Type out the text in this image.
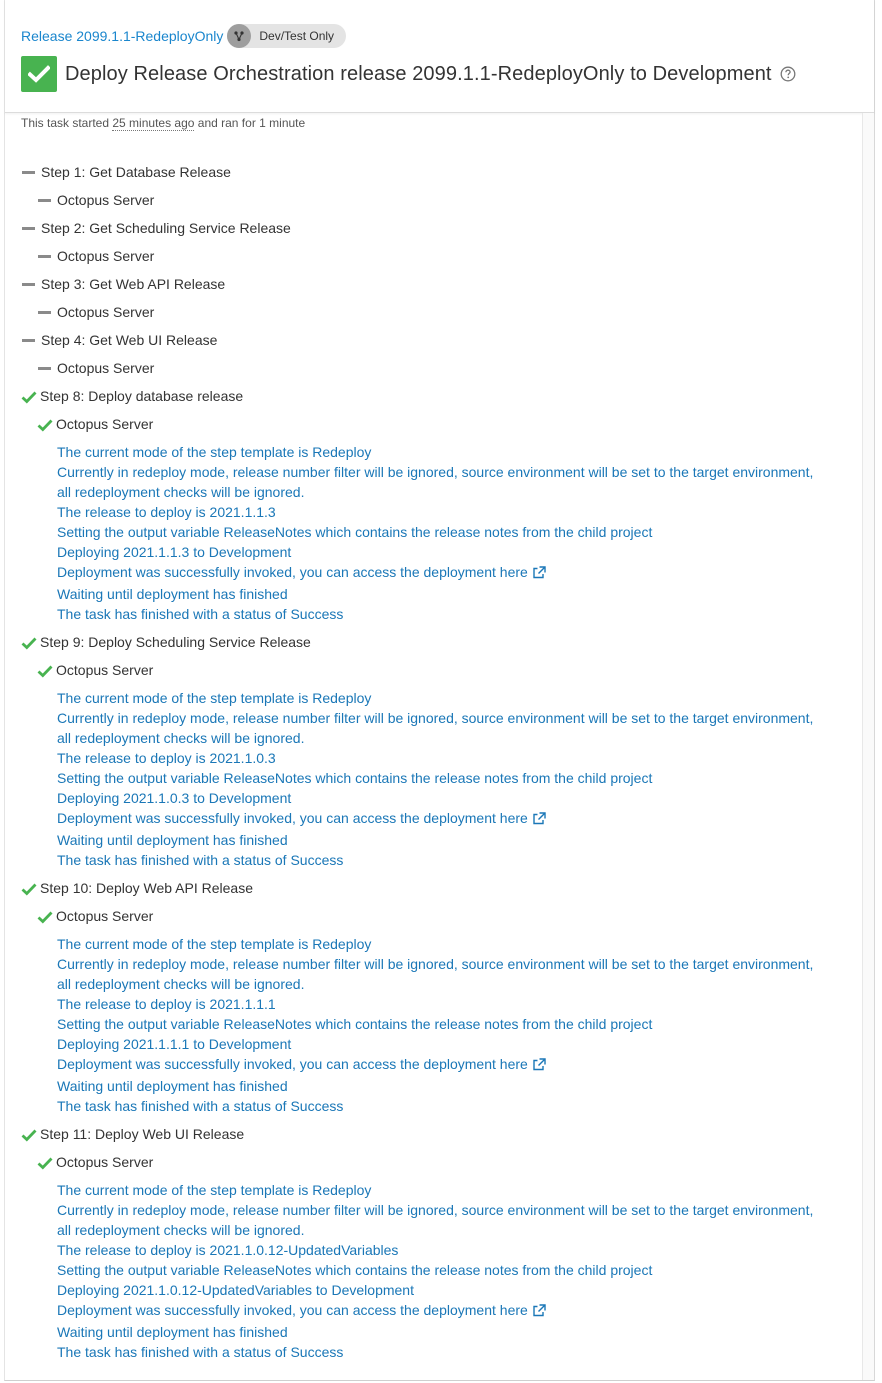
Release 2099.1.1-RedeployOnly	Dev/Test Only
Deploy Release Orchestration release 2099.1.1-RedeployOnly to Development
This task started 25 minutes ago and ran for 1 minute
Step 1: Get Database Release
Octopus Server
Step 2: Get Scheduling Service Release
Octopus Server
Step 3: Get Web API Release
Octopus Server
Step 4: Get Web UI Release
Octopus Server
Step 8: Deploy database release
Octopus Server
The current mode of the step template is Redeploy
Currently in redeploy mode, release number filter will be ignored, source environment will be set to the target environment,
all redeployment checks will be ignored.
The release to deploy is 2021.1.1.3
Setting the output variable ReleaseNotes which contains the release notes from the child project
Deploying 2021.1.1.3 to Development
Deployment was successfully invoked, you can access the deployment here
Waiting until deployment has finished
The task has finished with a status of Success
Step 9: Deploy Scheduling Service Release
Octopus Server
The current mode of the step template is Redeploy
Currently in redeploy mode, release number filter will be ignored, source environment will be set to the target environment,
all redeployment checks will be ignored.
The release to deploy is 2021.1.0.3
Setting the output variable ReleaseNotes which contains the release notes from the child project
Deploying 2021.1.0.3 to Development
Deployment was successfully invoked, you can access the deployment here
Waiting until deployment has finished
The task has finished with a status of Success
Step 10: Deploy Web API Release
Octopus Server
The current mode of the step template is Redeploy
Currently in redeploy mode, release number filter will be ignored, source environment will be set to the target environment,
all redeployment checks will be ignored.
The release to deploy is 2021.1.1.1
Setting the output variable ReleaseNotes which contains the release notes from the child project
Deploying 2021.1.1.1 to Development
Deployment was successfully invoked, you can access the deployment here
Waiting until deployment has finished
The task has finished with a status of Success
Step 11: Deploy Web UI Release
Octopus Server
The current mode of the step template is Redeploy
Currently in redeploy mode, release number filter will be ignored, source environment will be set to the target environment,
all redeployment checks will be ignored.
The release to deploy is 2021.1.0.12-UpdatedVariables
Setting the output variable ReleaseNotes which contains the release notes from the child project
Deploying 2021.1.0.12-UpdatedVariables to Development
Deployment was successfully invoked, you can access the deployment here
Waiting until deployment has finished
The task has finished with a status of Success
